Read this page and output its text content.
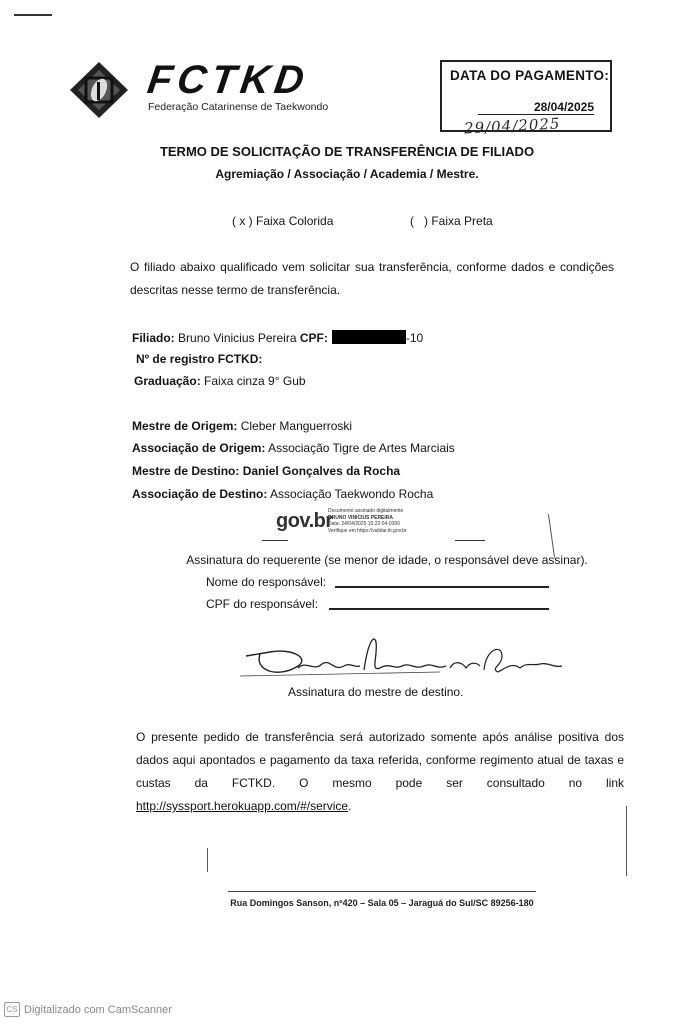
FCTKD
Federação Catarinense de Taekwondo
DATA DO PAGAMENTO:
28/04/2025
29/04/2025
TERMO DE SOLICITAÇÃO DE TRANSFERÊNCIA DE FILIADO
Agremiação / Associação / Academia / Mestre.
( x ) Faixa Colorida	(   ) Faixa Preta
O filiado abaixo qualificado vem solicitar sua transferência, conforme dados e condições descritas nesse termo de transferência.
Filiado: Bruno Vinicius Pereira CPF:	-10
Nº de registro FCTKD:
Graduação: Faixa cinza 9° Gub
Mestre de Origem: Cleber Manguerroski
Associação de Origem: Associação Tigre de Artes Marciais
Mestre de Destino: Daniel Gonçalves da Rocha
Associação de Destino: Associação Taekwondo Rocha
gov.br
Documento assinado digitalmente
BRUNO VINICIUS PEREIRA
Data: 24/04/2025 15:22:04-0300
Verifique em https://validar.iti.gov.br
Assinatura do requerente (se menor de idade, o responsável deve assinar).
Nome do responsável:
CPF do responsável:
Assinatura do mestre de destino.
O presente pedido de transferência será autorizado somente após análise positiva dos dados aqui apontados e pagamento da taxa referida, conforme regimento atual de taxas e custas da FCTKD. O mesmo pode ser consultado no link http://syssport.herokuapp.com/#/service.
Rua Domingos Sanson, nº420 – Sala 05 – Jaraguá do Sul/SC 89256-180
CS Digitalizado com CamScanner
